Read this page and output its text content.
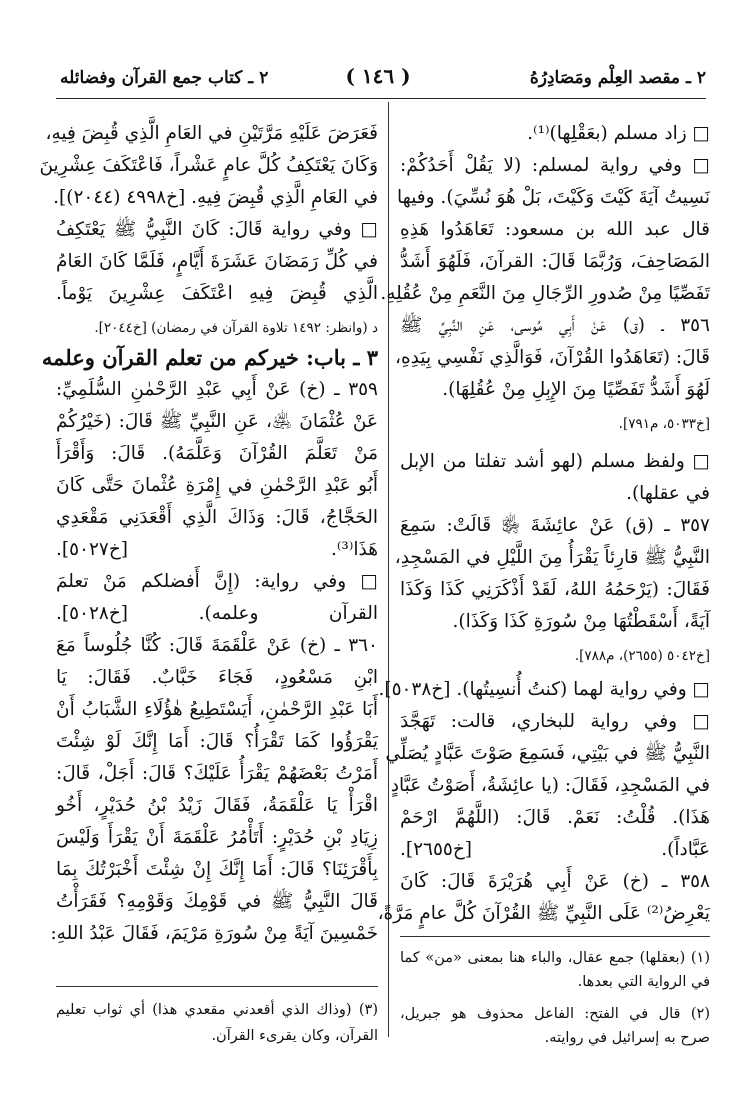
٢ ـ مقصد العِلْم ومَصَادِرُهُ
( ١٤٦ )
٢ ـ كتاب جمع القرآن وفضائله
□ زاد مسلم (بعَقْلِها)⁽¹⁾.
□ وفي رواية لمسلم: (لا يَقُلْ أَحَدُكُمْ:
نَسِيتُ آيَةَ كَيْتَ وَكَيْتَ، بَلْ هُوَ نُسِّيَ). وفيها
قال عبد الله بن مسعود: تَعَاهَدُوا هَذِهِ
المَصَاحِفَ، وَرُبَّمَا قَالَ: القرآنَ، فَلَهُوَ أَشَدُّ
تَفَصِّيًا مِنْ صُدورِ الرِّجَالِ مِنَ النَّعَمِ مِنْ عُقُلِهِ.
٣٥٦ ـ (ق) عَنْ أَبِي مُوسى، عَنِ النَّبِيِّ ﷺ
قَالَ: (تَعَاهَدُوا القُرْآنَ، فَوَالَّذِي نَفْسِي بِيَدِهِ،
لَهُوَ أَشَدُّ تَفَصِّيًا مِنَ الإِبِلِ مِنْ عُقُلِهَا).
[خ٥٠٣٣، م٧٩١].
□ ولفظ مسلم (لهو أشد تفلتا من الإبل
في عقلها).
٣٥٧ ـ (ق) عَنْ عائِشَةَ ﵂ قَالَتْ: سَمِعَ
النَّبِيُّ ﷺ قارِئاً يَقْرَأُ مِنَ اللَّيْلِ في المَسْجِدِ،
فَقَالَ: (يَرْحَمُهُ اللهُ، لَقَدْ أَذْكَرَنِي كَذَا وَكَذَا
آيَةً، أَسْقَطْتُهَا مِنْ سُورَةِ كَذَا وَكَذَا).
[خ٥٠٤٢ (٢٦٥٥)، م٧٨٨].
□ وفي رواية لهما (كنتُ أُنسِيتُها). [خ٥٠٣٨].
□ وفي رواية للبخاري، قالت: تَهَجَّدَ
النَّبِيُّ ﷺ في بَيْتِي، فَسَمِعَ صَوْتَ عَبَّادٍ يُصَلِّي
في المَسْجِدِ، فَقَالَ: (يا عائِشَةُ، أَصَوْتُ عَبَّادٍ
هَذَا). قُلْتُ: نَعَمْ. قَالَ: (اللَّهُمَّ ارْحَمْ
عَبَّاداً). [خ٢٦٥٥].
٣٥٨ ـ (خ) عَنْ أَبِي هُرَيْرَةَ قَالَ: كَانَ
يَعْرِضُ⁽²⁾ عَلَى النَّبِيِّ ﷺ القُرْآنَ كُلَّ عامٍ مَرَّةً،
(١) (بعقلها) جمع عقال، والباء هنا بمعنى «من» كما
في الرواية التي بعدها.
(٢) قال في الفتح: الفاعل محذوف هو جبريل،
صرح به إسرائيل في روايته.
فَعَرَضَ عَلَيْهِ مَرَّتَيْنِ في العَامِ الَّذِي قُبِضَ فِيهِ،
وَكَانَ يَعْتَكِفُ كُلَّ عامٍ عَشْراً، فَاعْتَكَفَ عِشْرِينَ
في العَامِ الَّذِي قُبِضَ فِيهِ. [خ٤٩٩٨ (٢٠٤٤)].
□ وفي رواية قَالَ: كَانَ النَّبِيُّ ﷺ يَعْتَكِفُ
في كُلِّ رَمَضَانَ عَشَرَةَ أَيَّامٍ، فَلَمَّا كَانَ العَامُ
الَّذِي قُبِضَ فِيهِ اعْتَكَفَ عِشْرِينَ يَوْماً.
د (وانظر: ١٤٩٢ تلاوة القرآن في رمضان) [خ٢٠٤٤].
٣ ـ باب: خيركم من تعلم القرآن وعلمه
٣٥٩ ـ (خ) عَنْ أَبِي عَبْدِ الرَّحْمٰنِ السُّلَمِيِّ:
عَنْ عُثْمَانَ ﵁، عَنِ النَّبِيِّ ﷺ قَالَ: (خَيْرُكُمْ
مَنْ تَعَلَّمَ القُرْآنَ وَعَلَّمَهُ). قَالَ: وَأَقْرَأَ
أَبُو عَبْدِ الرَّحْمٰنِ في إِمْرَةِ عُثْمانَ حَتَّى كَانَ
الحَجَّاجُ، قَالَ: وَذَاكَ الَّذِي أَقْعَدَنِي مَقْعَدِي
هَذَا⁽³⁾. [خ٥٠٢٧].
□ وفي رواية: (إِنَّ أَفضلكم مَنْ تعلمَ
القرآن وعلمه). [خ٥٠٢٨].
٣٦٠ ـ (خ) عَنْ عَلْقَمَةَ قَالَ: كُنَّا جُلُوساً مَعَ
ابْنِ مَسْعُودٍ، فَجَاءَ خَبَّابٌ. فَقَالَ: يَا
أَبَا عَبْدِ الرَّحْمٰنِ، أَيَسْتَطِيعُ هٰؤُلَاءِ الشَّبَابُ أَنْ
يَقْرَؤُوا كَمَا تَقْرَأُ؟ قَالَ: أَمَا إِنَّكَ لَوْ شِئْتَ
أَمَرْتُ بَعْضَهُمْ يَقْرَأُ عَلَيْكَ؟ قَالَ: أَجَلْ، قَالَ:
اقْرَأْ يَا عَلْقَمَةُ، فَقَالَ زَيْدُ بْنُ حُدَيْرٍ، أَخُو
زِيَادِ بْنِ حُدَيْرٍ: أَتَأْمُرُ عَلْقَمَةَ أَنْ يَقْرَأَ وَلَيْسَ
بِأَقْرَئِنَا؟ قَالَ: أَمَا إِنَّكَ إِنْ شِئْتَ أَخْبَرْتُكَ بِمَا
قَالَ النَّبِيُّ ﷺ في قَوْمِكَ وَقَوْمِهِ؟ فَقَرَأْتُ
خَمْسِينَ آيَةً مِنْ سُورَةِ مَرْيَمَ، فَقَالَ عَبْدُ اللهِ:
(٣) (وذاك الذي أقعدني مقعدي هذا) أي ثواب تعليم
القرآن، وكان يقرىء القرآن.
